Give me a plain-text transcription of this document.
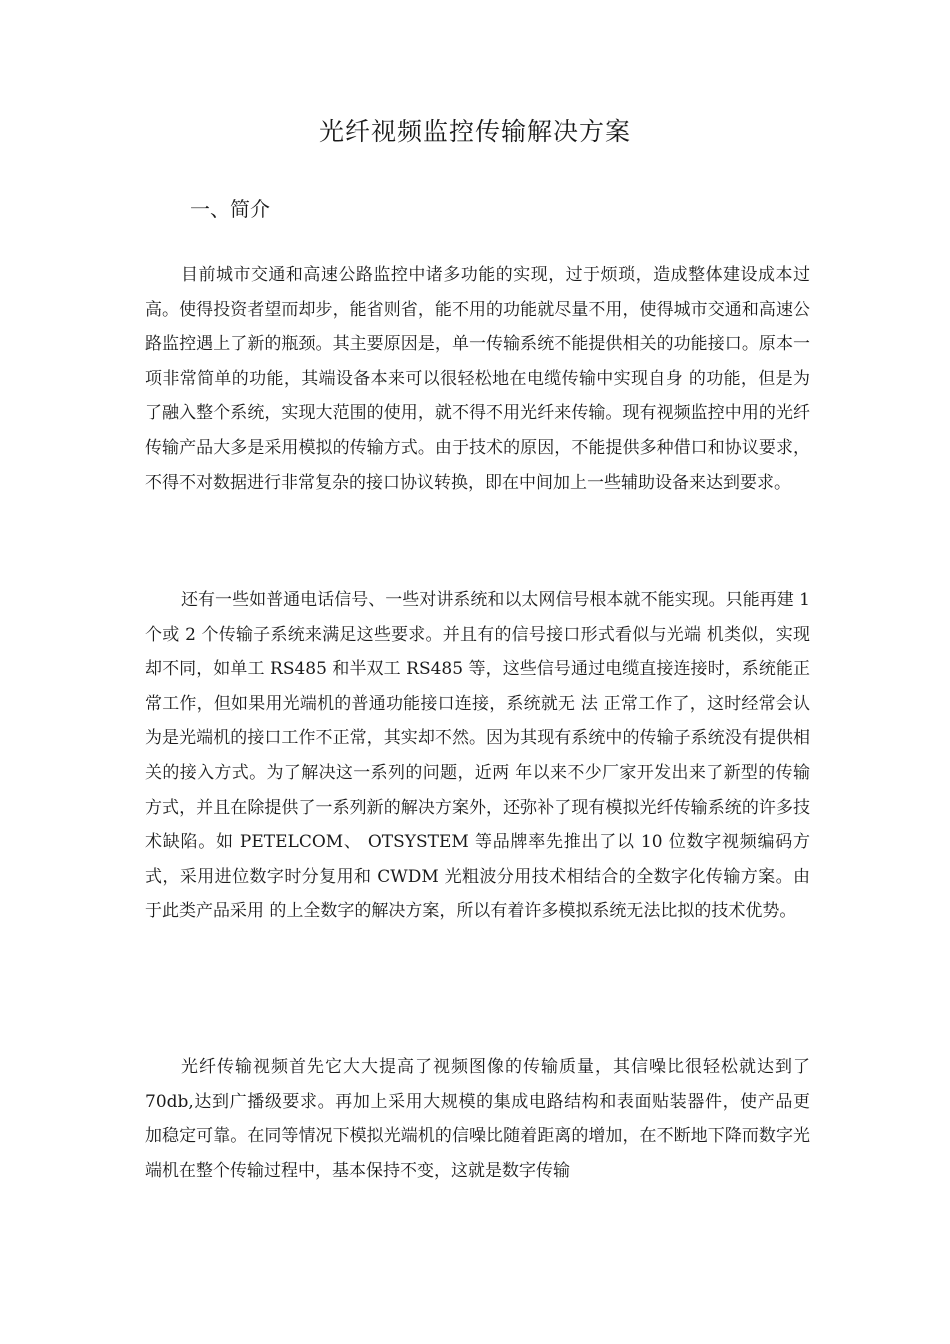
光纤视频监控传输解决方案
一、简介

目前城市交通和高速公路监控中诸多功能的实现，过于烦琐，造成整体建设成本过高。使得投资者望而却步，能省则省，能不用的功能就尽量不用，使得城市交通和高速公路监控遇上了新的瓶颈。其主要原因是，单一传输系统不能提供相关的功能接口。原本一项非常简单的功能，其端设备本来可以很轻松地在电缆传输中实现自身 的功能，但是为了融入整个系统，实现大范围的使用，就不得不用光纤来传输。现有视频监控中用的光纤传输产品大多是采用模拟的传输方式。由于技术的原因，不能提供多种借口和协议要求，不得不对数据进行非常复杂的接口协议转换，即在中间加上一些辅助设备来达到要求。

还有一些如普通电话信号、一些对讲系统和以太网信号根本就不能实现。只能再建 1 个或 2 个传输子系统来满足这些要求。并且有的信号接口形式看似与光端 机类似，实现却不同，如单工 RS485 和半双工 RS485 等，这些信号通过电缆直接连接时，系统能正常工作，但如果用光端机的普通功能接口连接，系统就无 法 正常工作了，这时经常会认为是光端机的接口工作不正常，其实却不然。因为其现有系统中的传输子系统没有提供相关的接入方式。为了解决这一系列的问题，近两 年以来不少厂家开发出来了新型的传输方式，并且在除提供了一系列新的解决方案外，还弥补了现有模拟光纤传输系统的许多技术缺陷。如 PETELCOM、 OTSYSTEM 等品牌率先推出了以 10 位数字视频编码方式，采用进位数字时分复用和 CWDM 光粗波分用技术相结合的全数字化传输方案。由于此类产品采用 的上全数字的解决方案，所以有着许多模拟系统无法比拟的技术优势。

光纤传输视频首先它大大提高了视频图像的传输质量，其信噪比很轻松就达到了 70db,达到广播级要求。再加上采用大规模的集成电路结构和表面贴装器件，使产品更 加稳定可靠。在同等情况下模拟光端机的信噪比随着距离的增加，在不断地下降而数字光端机在整个传输过程中，基本保持不变，这就是数字传输
